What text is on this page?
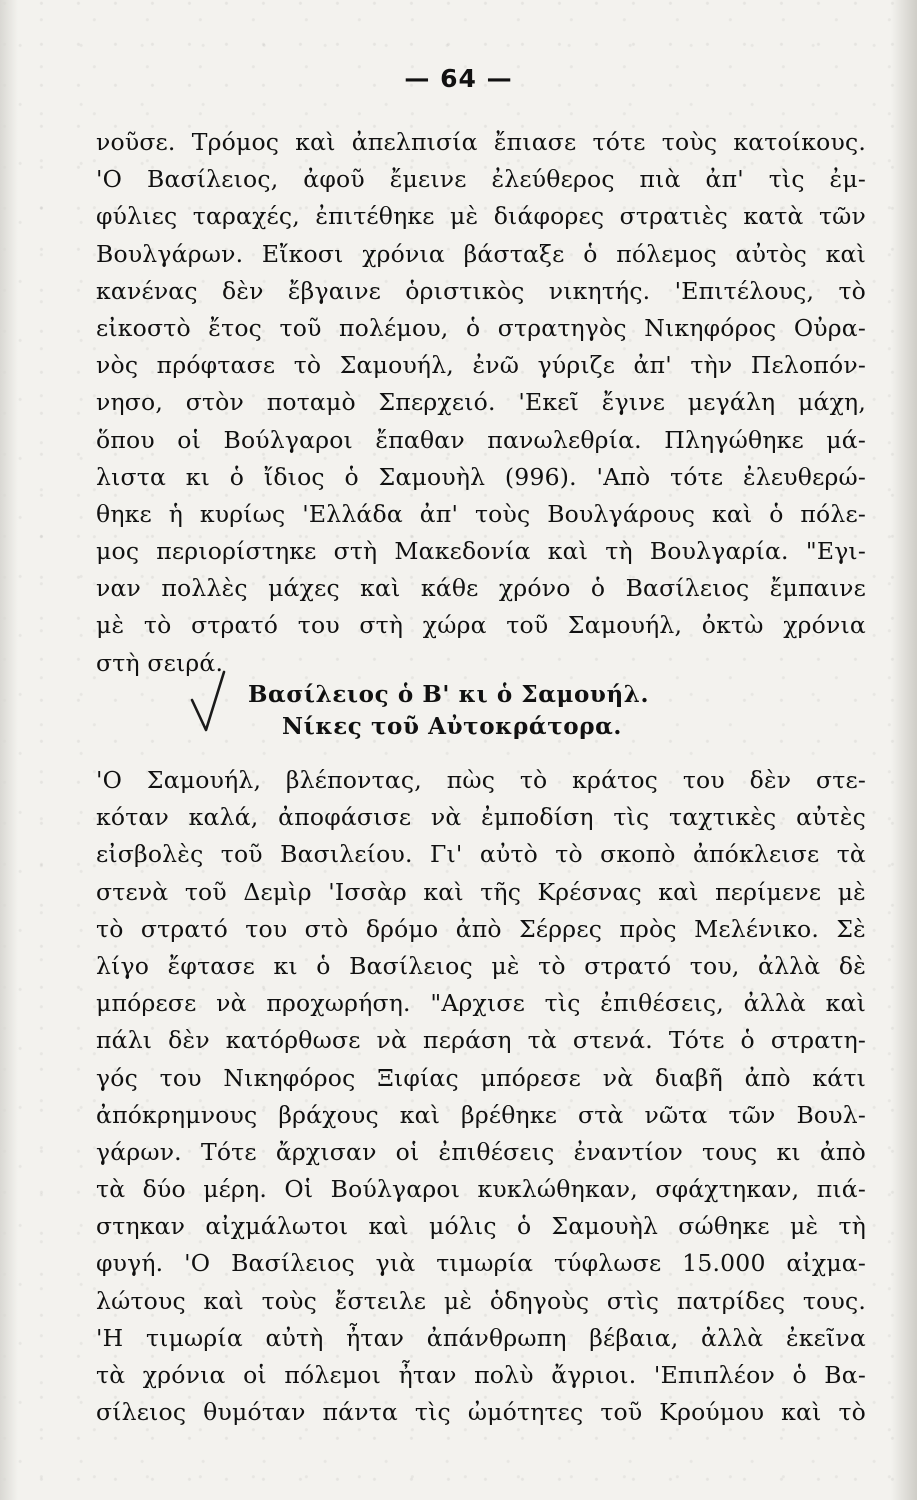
— 64 —
νοῦσε. Τρόμος καὶ ἀπελπισία ἔπιασε τότε τοὺς κατοίκους.
'Ο Βασίλειος, ἀφοῦ ἔμεινε ἐλεύθερος πιὰ ἀπ' τὶς ἐμ-
φύλιες ταραχές, ἐπιτέθηκε μὲ διάφορες στρατιὲς κατὰ τῶν
Βουλγάρων. Εἴκοσι χρόνια βάσταξε ὁ πόλεμος αὐτὸς καὶ
κανένας δὲν ἔβγαινε ὁριστικὸς νικητής. 'Επιτέλους, τὸ
εἰκοστὸ ἔτος τοῦ πολέμου, ὁ στρατηγὸς Νικηφόρος Οὐρα-
νὸς πρόφτασε τὸ Σαμουήλ, ἐνῶ γύριζε ἀπ' τὴν Πελοπόν-
νησο, στὸν ποταμὸ Σπερχειό. 'Εκεῖ ἔγινε μεγάλη μάχη,
ὅπου οἱ Βούλγαροι ἔπαθαν πανωλεθρία. Πληγώθηκε μά-
λιστα κι ὁ ἴδιος ὁ Σαμουὴλ (996). 'Απὸ τότε ἐλευθερώ-
θηκε ἡ κυρίως 'Ελλάδα ἀπ' τοὺς Βουλγάρους καὶ ὁ πόλε-
μος περιορίστηκε στὴ Μακεδονία καὶ τὴ Βουλγαρία. "Εγι-
ναν πολλὲς μάχες καὶ κάθε χρόνο ὁ Βασίλειος ἔμπαινε
μὲ τὸ στρατό του στὴ χώρα τοῦ Σαμουήλ, ὀκτὼ χρόνια
στὴ σειρά.
Βασίλειος ὁ Β' κι ὁ Σαμουήλ.
Νίκες τοῦ Αὐτοκράτορα.
'Ο Σαμουήλ, βλέποντας, πὼς τὸ κράτος του δὲν στε-
κόταν καλά, ἀποφάσισε νὰ ἐμποδίση τὶς ταχτικὲς αὐτὲς
εἰσβολὲς τοῦ Βασιλείου. Γι' αὐτὸ τὸ σκοπὸ ἀπόκλεισε τὰ
στενὰ τοῦ Δεμὶρ 'Ισσὰρ καὶ τῆς Κρέσνας καὶ περίμενε μὲ
τὸ στρατό του στὸ δρόμο ἀπὸ Σέρρες πρὸς Μελένικο. Σὲ
λίγο ἔφτασε κι ὁ Βασίλειος μὲ τὸ στρατό του, ἀλλὰ δὲ
μπόρεσε νὰ προχωρήση. "Αρχισε τὶς ἐπιθέσεις, ἀλλὰ καὶ
πάλι δὲν κατόρθωσε νὰ περάση τὰ στενά. Τότε ὁ στρατη-
γός του Νικηφόρος Ξιφίας μπόρεσε νὰ διαβῆ ἀπὸ κάτι
ἀπόκρημνους βράχους καὶ βρέθηκε στὰ νῶτα τῶν Βουλ-
γάρων. Τότε ἄρχισαν οἱ ἐπιθέσεις ἐναντίον τους κι ἀπὸ
τὰ δύο μέρη. Οἱ Βούλγαροι κυκλώθηκαν, σφάχτηκαν, πιά-
στηκαν αἰχμάλωτοι καὶ μόλις ὁ Σαμουὴλ σώθηκε μὲ τὴ
φυγή. 'Ο Βασίλειος γιὰ τιμωρία τύφλωσε 15.000 αἰχμα-
λώτους καὶ τοὺς ἔστειλε μὲ ὁδηγοὺς στὶς πατρίδες τους.
'Η τιμωρία αὐτὴ ἦταν ἀπάνθρωπη βέβαια, ἀλλὰ ἐκεῖνα
τὰ χρόνια οἱ πόλεμοι ἦταν πολὺ ἄγριοι. 'Επιπλέον ὁ Βα-
σίλειος θυμόταν πάντα τὶς ὠμότητες τοῦ Κρούμου καὶ τὸ
